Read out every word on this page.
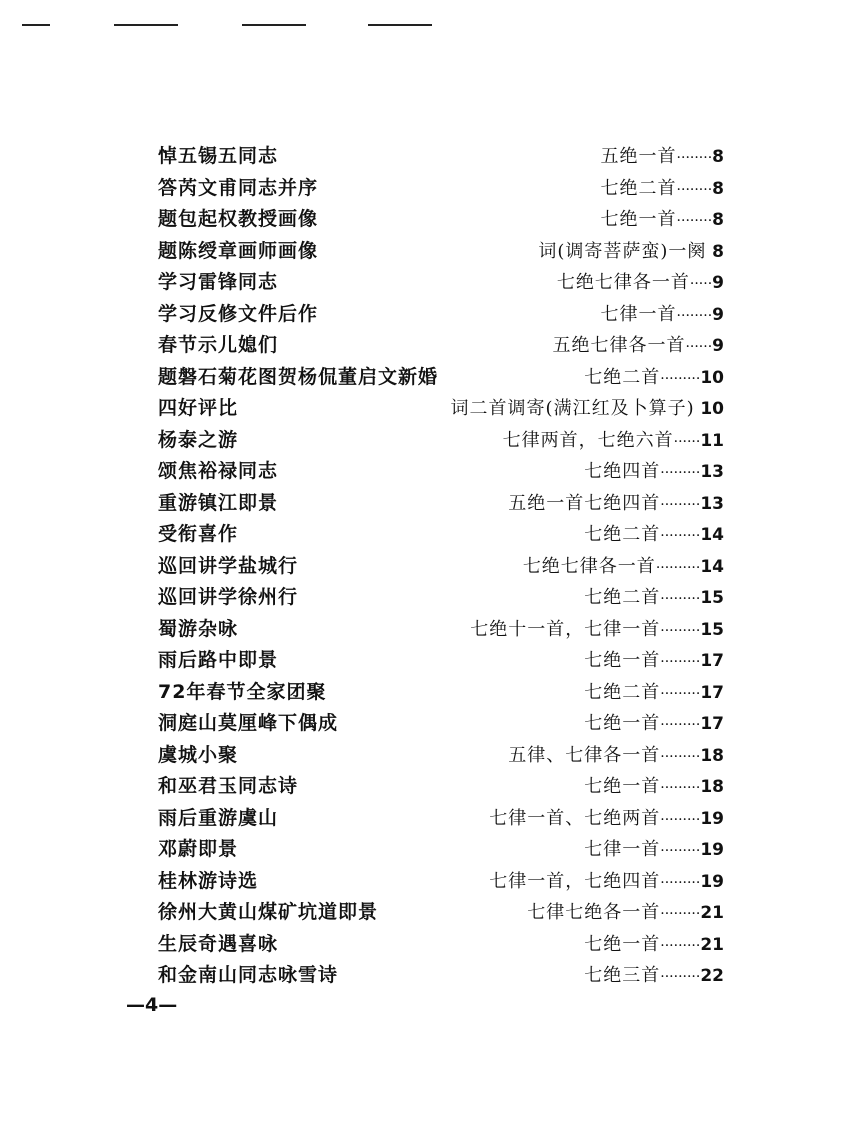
悼五锡五同志	五绝一首········8
答芮文甫同志并序	七绝二首········8
题包起权教授画像	七绝一首········8
题陈绶章画师画像	词(调寄菩萨蛮)一阕 8
学习雷锋同志	七绝七律各一首·····9
学习反修文件后作	七律一首········9
春节示儿媳们	五绝七律各一首······9
题磐石菊花图贺杨侃董启文新婚	七绝二首·········10
四好评比	词二首调寄(满江红及卜算子) 10
杨泰之游	七律两首，七绝六首······11
颂焦裕禄同志	七绝四首·········13
重游镇江即景	五绝一首七绝四首·········13
受衔喜作	七绝二首·········14
巡回讲学盐城行	七绝七律各一首··········14
巡回讲学徐州行	七绝二首·········15
蜀游杂咏	七绝十一首，七律一首·········15
雨后路中即景	七绝一首·········17
72年春节全家团聚	七绝二首·········17
洞庭山莫厘峰下偶成	七绝一首·········17
虞城小聚	五律、七律各一首·········18
和巫君玉同志诗	七绝一首·········18
雨后重游虞山	七律一首、七绝两首·········19
邓蔚即景	七律一首·········19
桂林游诗选	七律一首，七绝四首·········19
徐州大黄山煤矿坑道即景	七律七绝各一首·········21
生辰奇遇喜咏	七绝一首·········21
和金南山同志咏雪诗	七绝三首·········22
—4—
